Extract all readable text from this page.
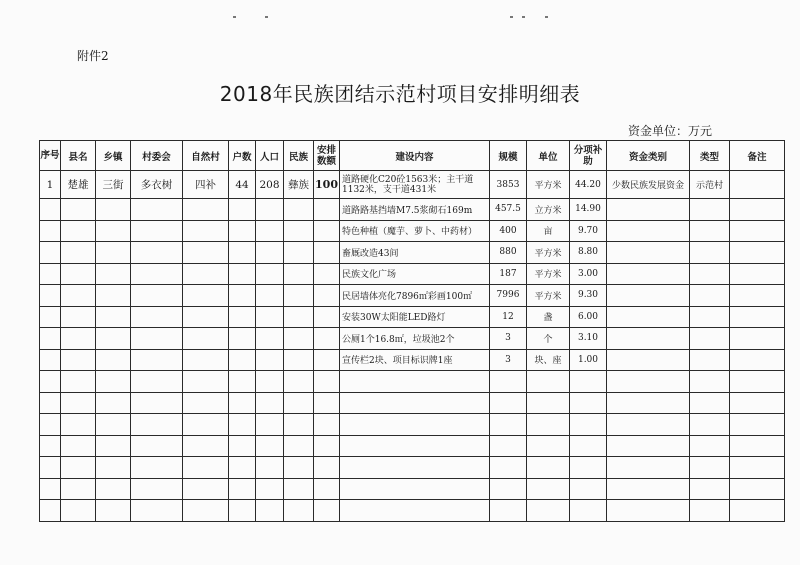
附件2
2018年民族团结示范村项目安排明细表
资金单位：万元
序号	县名	乡镇	村委会	自然村	户数	人口	民族	安排数额	建设内容	规模	单位	分项补助	资金类别	类型	备注
1	楚雄	三街	多衣树	四补	44	208	彝族	100	道路硬化C20砼1563米；主干道1132米，支干道431米	3853	平方米	44.20	少数民族发展资金	示范村	
									道路路基挡墙M7.5浆砌石169m	457.5	立方米	14.90			
									特色种植（魔芋、萝卜、中药材）	400	亩	9.70			
									畜厩改造43间	880	平方米	8.80			
									民族文化广场	187	平方米	3.00			
									民居墙体亮化7896㎡彩画100㎡	7996	平方米	9.30			
									安装30W太阳能LED路灯	12	盏	6.00			
									公厕1个16.8㎡，垃圾池2个	3	个	3.10			
									宣传栏2块、项目标识牌1座	3	块、座	1.00			
